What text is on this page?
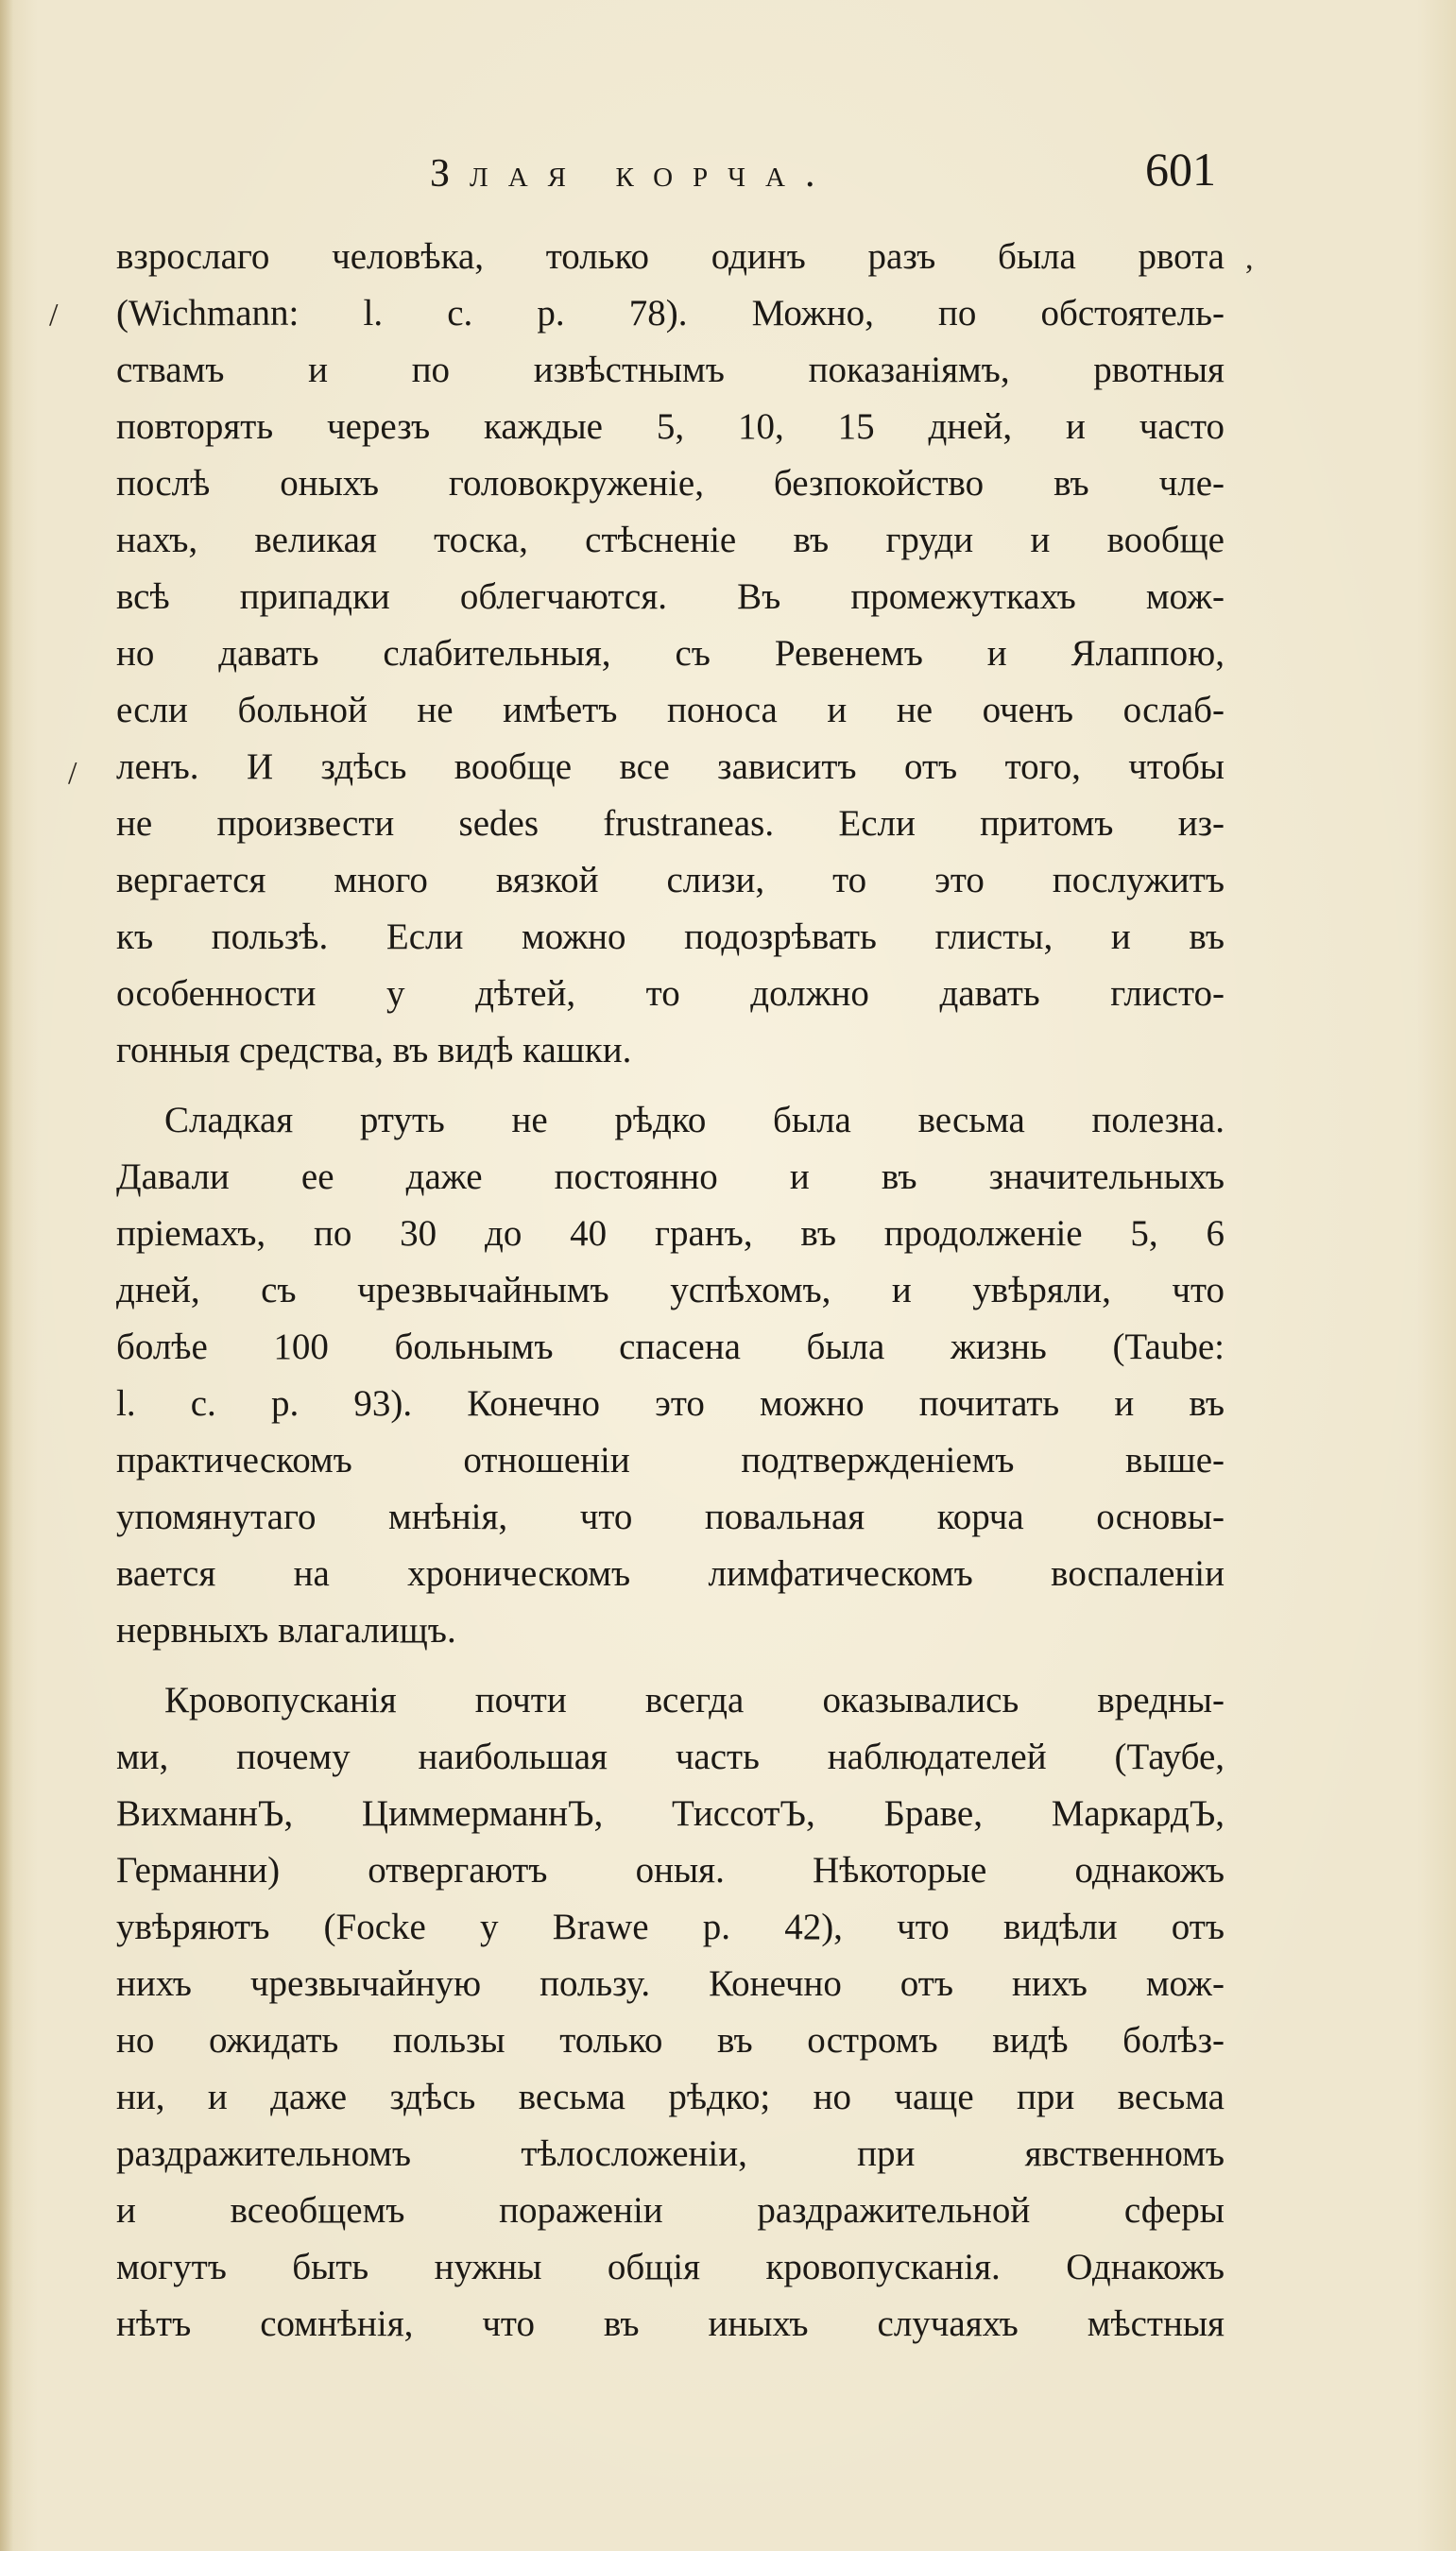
Злая корча.	601
/
,
/
взрослаго человѣка, только одинъ разъ была рвота
(Wichmann: l. c. p. 78). Можно, по обстоятель-
ствамъ и по извѣстнымъ показаніямъ, рвотныя
повторять черезъ каждые 5, 10, 15 дней, и часто
послѣ оныхъ головокруженіе, безпокойство въ чле-
нахъ, великая тоска, стѣсненіе въ груди и вообще
всѣ припадки облегчаются. Въ промежуткахъ мож-
но давать слабительныя, съ Ревенемъ и Ялаппою,
если больной не имѣетъ поноса и не оченъ ослаб-
ленъ. И здѣсь вообще все зависитъ отъ того, чтобы
не произвести sedes frustraneas. Если притомъ из-
вергается много вязкой слизи, то это послужитъ
къ пользѣ. Если можно подозрѣвать глисты, и въ
особенности у дѣтей, то должно давать глисто-
гонныя средства, въ видѣ кашки.
Сладкая ртуть не рѣдко была весьма полезна.
Давали ее даже постоянно и въ значительныхъ
пріемахъ, по 30 до 40 гранъ, въ продолженіе 5, 6
дней, съ чрезвычайнымъ успѣхомъ, и увѣряли, что
болѣе 100 больнымъ спасена была жизнь (Taube:
l. c. p. 93). Конечно это можно почитать и въ
практическомъ отношеніи подтвержденіемъ выше-
упомянутаго мнѣнія, что повальная корча основы-
вается на хроническомъ лимфатическомъ воспаленіи
нервныхъ влагалищъ.
Кровопусканія почти всегда оказывались вредны-
ми, почему наибольшая часть наблюдателей (Таубе,
ВихманнЪ, ЦиммерманнЪ, ТиссотЪ, Браве, МаркардЪ,
Германни) отвергаютъ оныя. Нѣкоторые однакожъ
увѣряютъ (Focke у Brawe p. 42), что видѣли отъ
нихъ чрезвычайную пользу. Конечно отъ нихъ мож-
но ожидать пользы только въ остромъ видѣ болѣз-
ни, и даже здѣсь весьма рѣдко; но чаще при весьма
раздражительномъ тѣлосложеніи, при явственномъ
и всеобщемъ пораженіи раздражительной сферы
могутъ быть нужны общія кровопусканія. Однакожъ
нѣтъ сомнѣнія, что въ иныхъ случаяхъ мѣстныя
